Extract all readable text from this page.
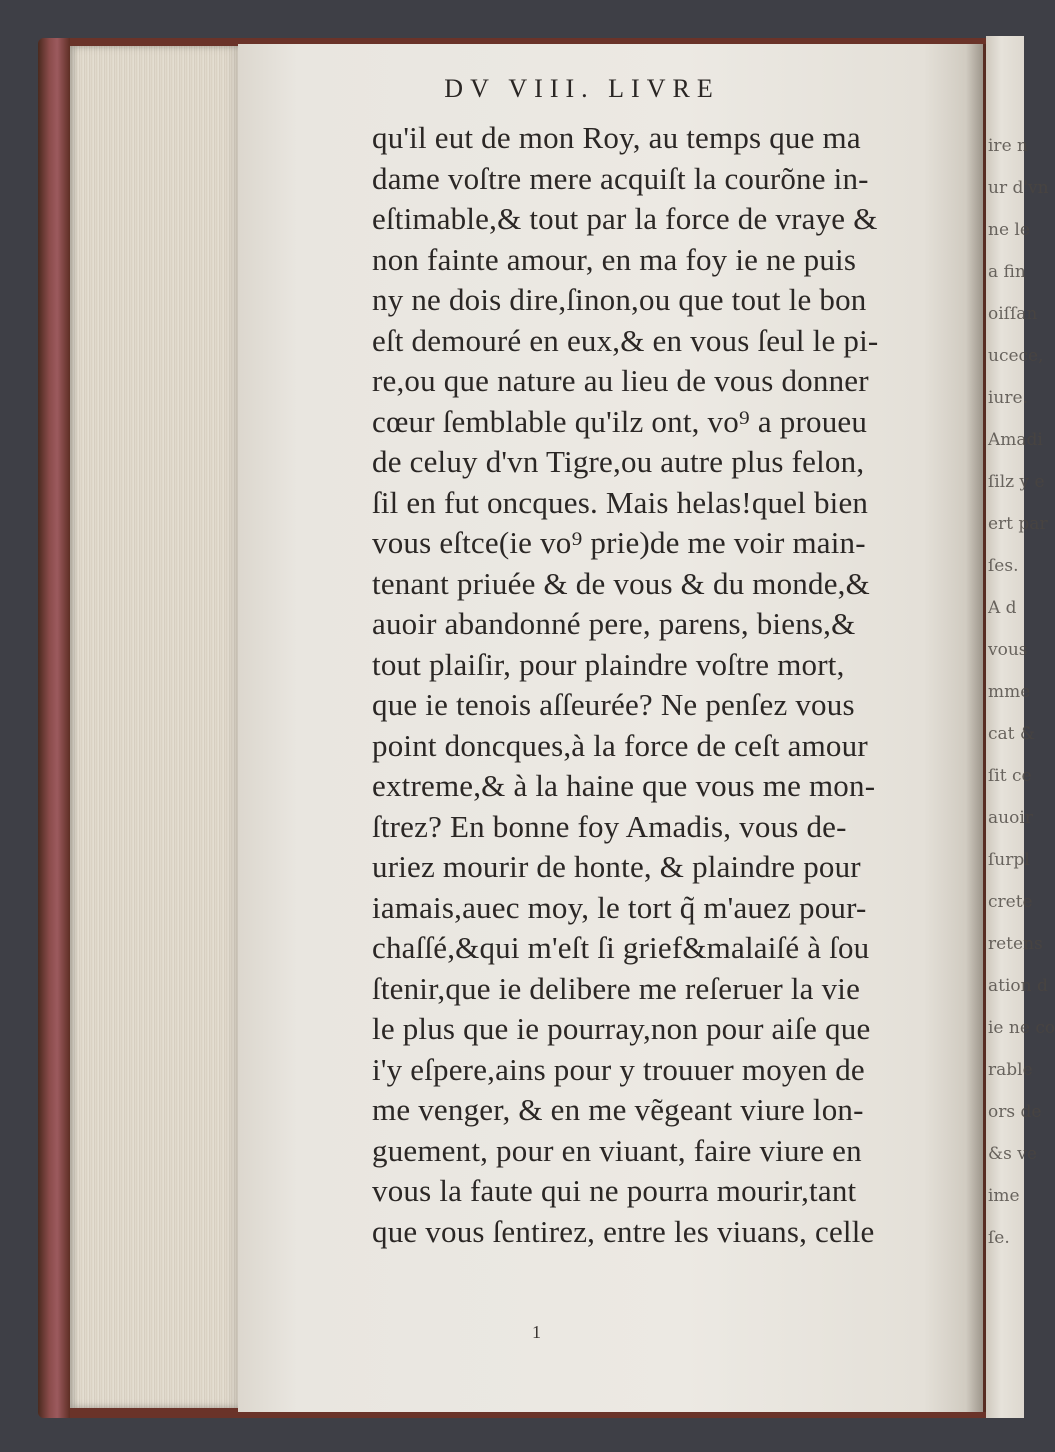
ire n
ur d'vn
ne le
a fin
oiſſan
ucece,
iure.
Amadi
ſilz y e
ert par
ſes.
A d
vous
mme
cat &
ſit ce
auoir
ſurpl
crete
retens
ation d
ie ne co
rable
ors de
&s ve
ime
ſe.
DV VIII. LIVRE
qu'il eut de mon Roy, au temps que ma
dame voſtre mere acquiſt la courõne in-
eſtimable,& tout par la force de vraye &
non fainte amour, en ma foy ie ne puis
ny ne dois dire,ſinon,ou que tout le bon
eſt demouré en eux,& en vous ſeul le pi-
re,ou que nature au lieu de vous donner
cœur ſemblable qu'ilz ont, vo⁹ a proueu
de celuy d'vn Tigre,ou autre plus felon,
ſil en fut oncques. Mais helas!quel bien
vous eſtce(ie vo⁹ prie)de me voir main-
tenant priuée & de vous & du monde,&
auoir abandonné pere, parens, biens,&
tout plaiſir, pour plaindre voſtre mort,
que ie tenois aſſeurée? Ne penſez vous
point doncques,à la force de ceſt amour
extreme,& à la haine que vous me mon-
ſtrez? En bonne foy Amadis, vous de-
uriez mourir de honte, & plaindre pour
iamais,auec moy, le tort q̃ m'auez pour-
chaſſé,&qui m'eſt ſi grief&malaiſé à ſou
ſtenir,que ie delibere me reſeruer la vie
le plus que ie pourray,non pour aiſe que
i'y eſpere,ains pour y trouuer moyen de
me venger, & en me vẽgeant viure lon-
guement, pour en viuant, faire viure en
vous la faute qui ne pourra mourir,tant
que vous ſentirez, entre les viuans, celle
1
